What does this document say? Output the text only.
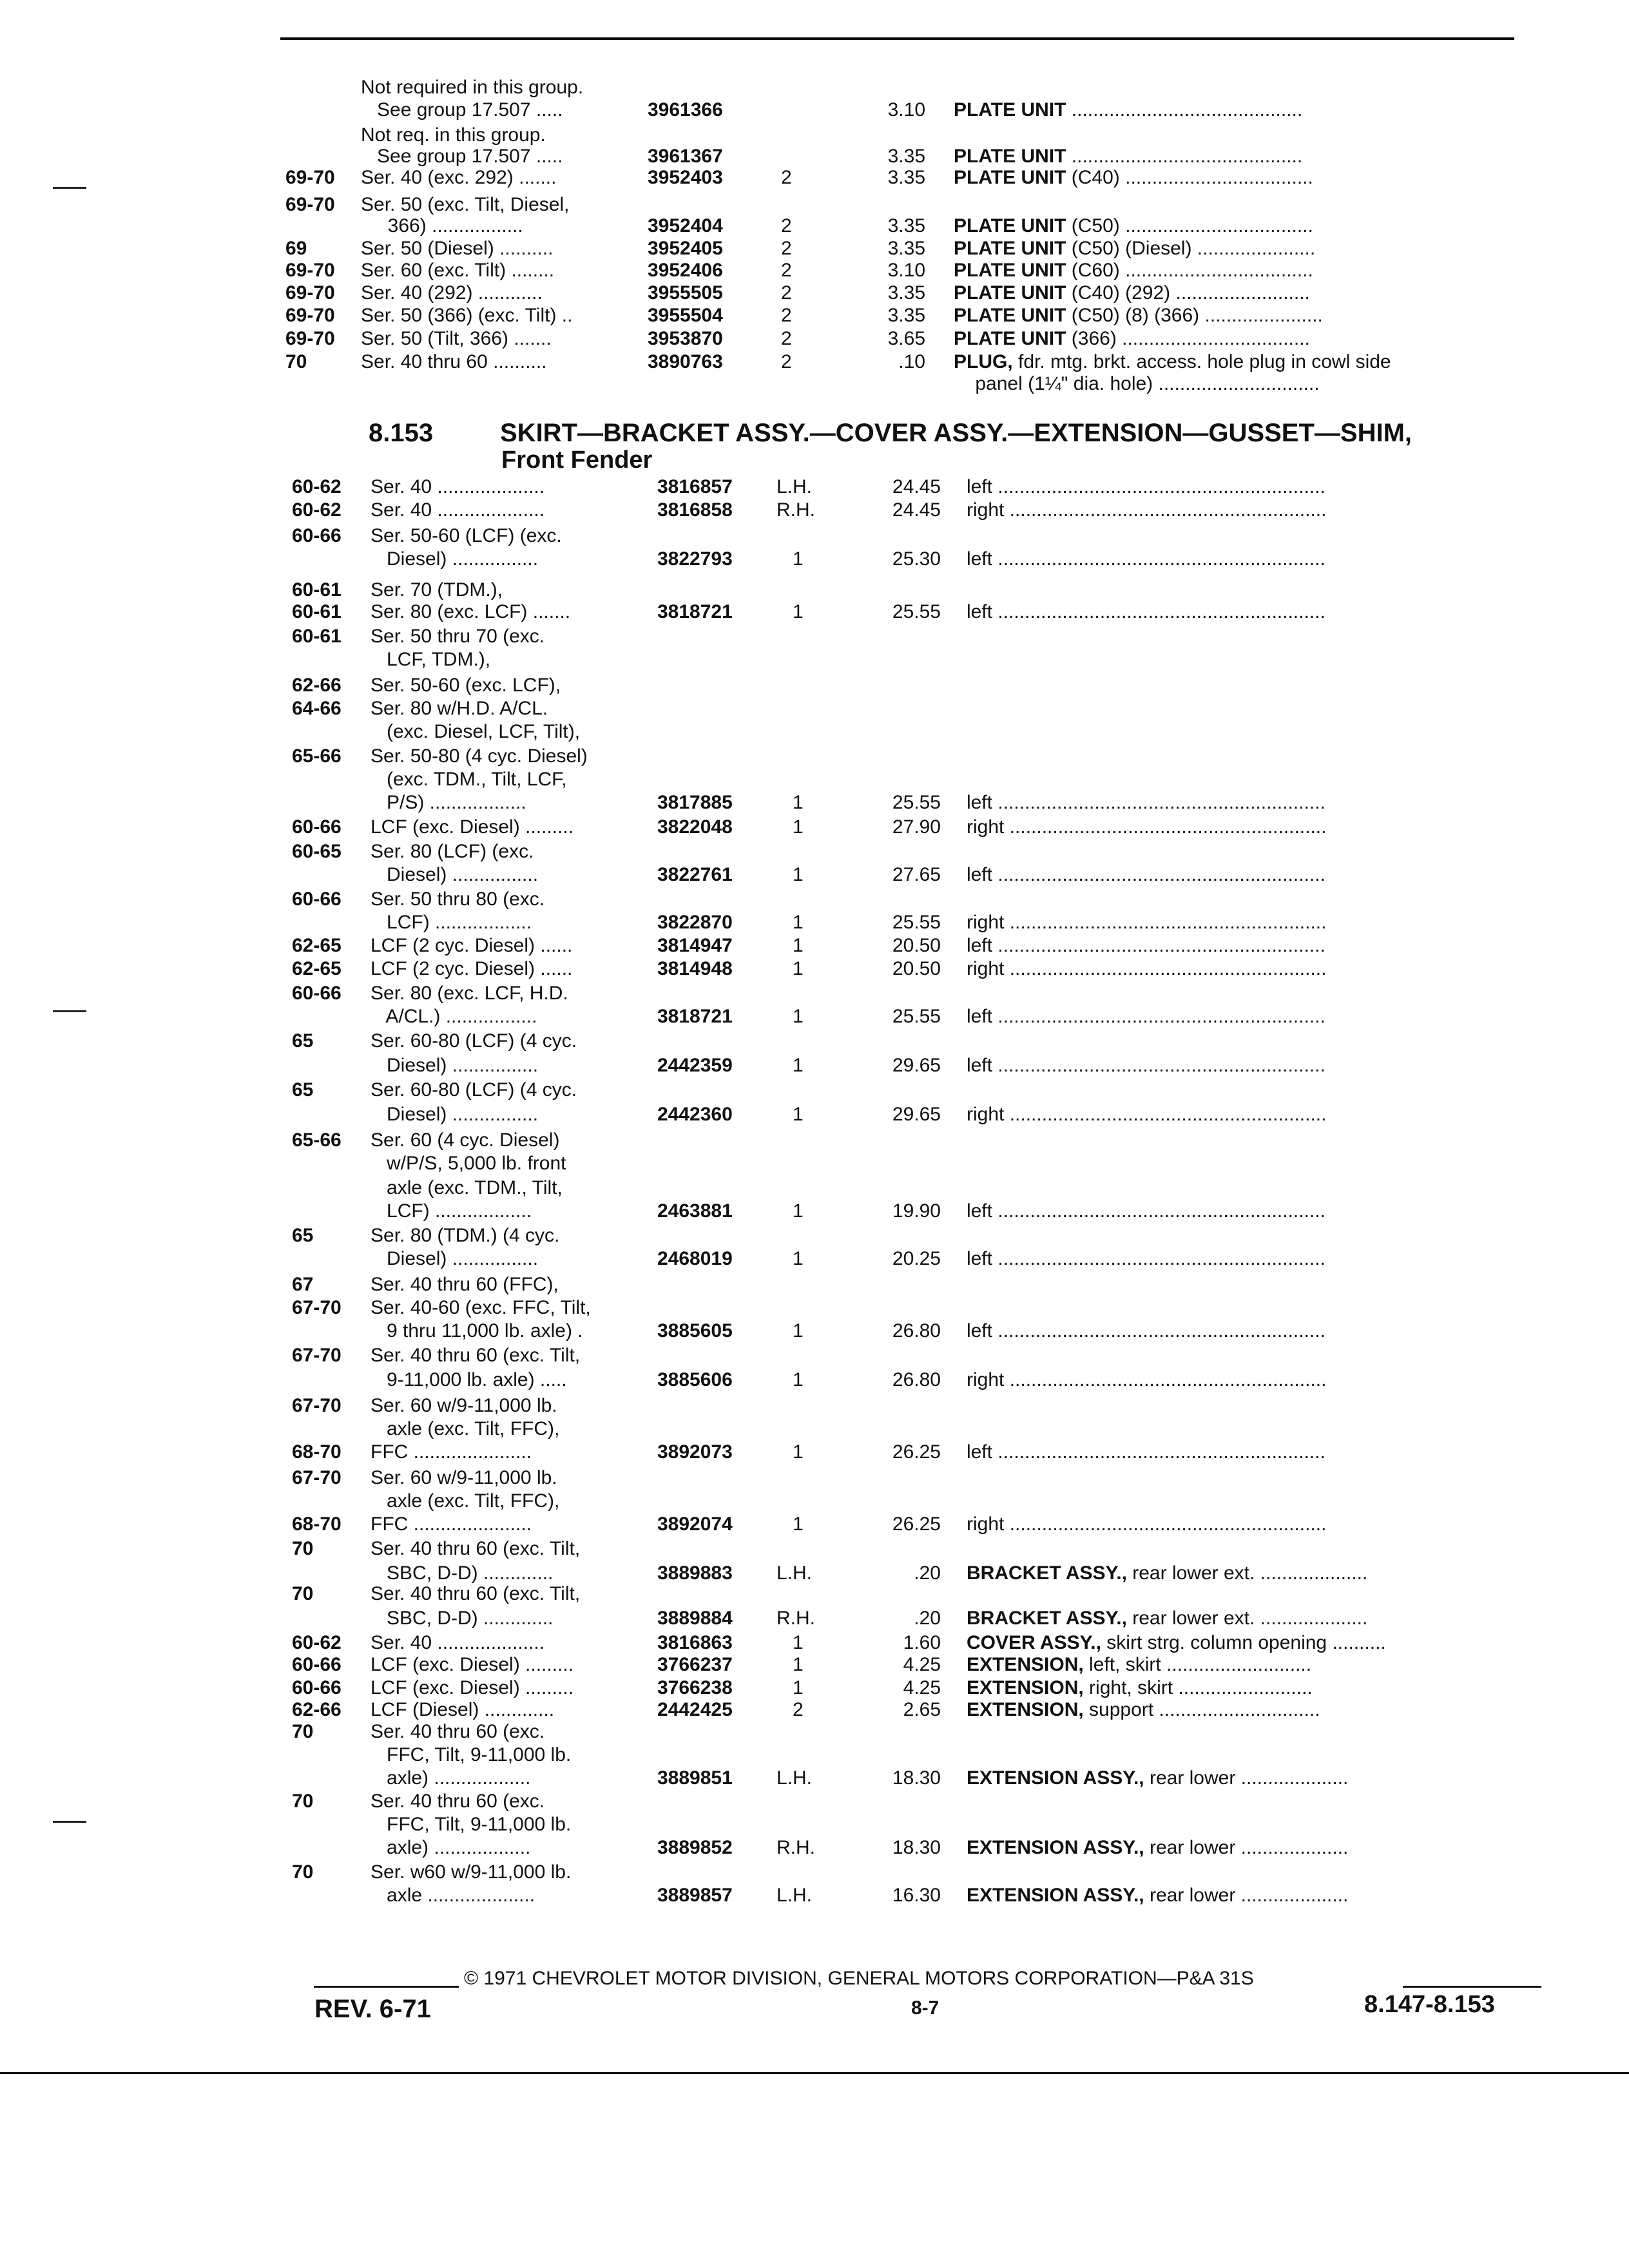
Not required in this group.
See group 17.507 .....	3961366	3.10 PLATE UNIT ...........................................
Not req. in this group.
See group 17.507 .....	3961367	3.35 PLATE UNIT ...........................................
69-70 Ser. 40 (exc. 292) .......	3952403	2	3.35 PLATE UNIT (C40) ...................................
69-70 Ser. 50 (exc. Tilt, Diesel,
366) .................	3952404	2	3.35 PLATE UNIT (C50) ...................................
69	Ser. 50 (Diesel) ..........	3952405	2	3.35 PLATE UNIT (C50) (Diesel) ......................
69-70 Ser. 60 (exc. Tilt) ........	3952406	2	3.10 PLATE UNIT (C60) ...................................
69-70 Ser. 40 (292) ............	3955505	2	3.35 PLATE UNIT (C40) (292) .........................
69-70 Ser. 50 (366) (exc. Tilt) ..	3955504	2	3.35 PLATE UNIT (C50) (8) (366) ......................
69-70 Ser. 50 (Tilt, 366) .......	3953870	2	3.65 PLATE UNIT (366) ...................................
70	Ser. 40 thru 60 ..........	3890763	2	.10 PLUG, fdr. mtg. brkt. access. hole plug in cowl side
panel (1¼" dia. hole) ..............................
8.153	SKIRT—BRACKET ASSY.—COVER ASSY.—EXTENSION—GUSSET—SHIM,
Front Fender
60-62 Ser. 40 ....................	3816857 L.H.	24.45 left .............................................................
60-62 Ser. 40 ....................	3816858 R.H.	24.45 right ...........................................................
60-66 Ser. 50-60 (LCF) (exc.
Diesel) ................	3822793	1	25.30 left .............................................................
60-61 Ser. 70 (TDM.),
60-61 Ser. 80 (exc. LCF) .......	3818721	1	25.55 left .............................................................
60-61 Ser. 50 thru 70 (exc.
LCF, TDM.),
62-66 Ser. 50-60 (exc. LCF),
64-66 Ser. 80 w/H.D. A/CL.
(exc. Diesel, LCF, Tilt),
65-66 Ser. 50-80 (4 cyc. Diesel)
(exc. TDM., Tilt, LCF,
P/S) ..................	3817885	1	25.55 left .............................................................
60-66 LCF (exc. Diesel) .........	3822048	1	27.90 right ...........................................................
60-65 Ser. 80 (LCF) (exc.
Diesel) ................	3822761	1	27.65 left .............................................................
60-66 Ser. 50 thru 80 (exc.
LCF) ..................	3822870	1	25.55 right ...........................................................
62-65 LCF (2 cyc. Diesel) ......	3814947	1	20.50 left .............................................................
62-65 LCF (2 cyc. Diesel) ......	3814948	1	20.50 right ...........................................................
60-66 Ser. 80 (exc. LCF, H.D.
A/CL.) .................	3818721	1	25.55 left .............................................................
65	Ser. 60-80 (LCF) (4 cyc.
Diesel) ................	2442359	1	29.65 left .............................................................
65	Ser. 60-80 (LCF) (4 cyc.
Diesel) ................	2442360	1	29.65 right ...........................................................
65-66 Ser. 60 (4 cyc. Diesel)
w/P/S, 5,000 lb. front
axle (exc. TDM., Tilt,
LCF) ..................	2463881	1	19.90 left .............................................................
65	Ser. 80 (TDM.) (4 cyc.
Diesel) ................	2468019	1	20.25 left .............................................................
67	Ser. 40 thru 60 (FFC),
67-70 Ser. 40-60 (exc. FFC, Tilt,
9 thru 11,000 lb. axle) .	3885605	1	26.80 left .............................................................
67-70 Ser. 40 thru 60 (exc. Tilt,
9-11,000 lb. axle) .....	3885606	1	26.80 right ...........................................................
67-70 Ser. 60 w/9-11,000 lb.
axle (exc. Tilt, FFC),
68-70 FFC ......................	3892073	1	26.25 left .............................................................
67-70 Ser. 60 w/9-11,000 lb.
axle (exc. Tilt, FFC),
68-70 FFC ......................	3892074	1	26.25 right ...........................................................
70	Ser. 40 thru 60 (exc. Tilt,
SBC, D-D) .............	3889883 L.H.	.20 BRACKET ASSY., rear lower ext. ....................
70	Ser. 40 thru 60 (exc. Tilt,
SBC, D-D) .............	3889884 R.H.	.20 BRACKET ASSY., rear lower ext. ....................
60-62 Ser. 40 ....................	3816863	1	1.60 COVER ASSY., skirt strg. column opening ..........
60-66 LCF (exc. Diesel) .........	3766237	1	4.25 EXTENSION, left, skirt ...........................
60-66 LCF (exc. Diesel) .........	3766238	1	4.25 EXTENSION, right, skirt .........................
62-66 LCF (Diesel) .............	2442425	2	2.65 EXTENSION, support ..............................
70	Ser. 40 thru 60 (exc.
FFC, Tilt, 9-11,000 lb.
axle) ..................	3889851 L.H.	18.30 EXTENSION ASSY., rear lower ....................
70	Ser. 40 thru 60 (exc.
FFC, Tilt, 9-11,000 lb.
axle) ..................	3889852 R.H.	18.30 EXTENSION ASSY., rear lower ....................
70	Ser. w60 w/9-11,000 lb.
axle ....................	3889857 L.H.	16.30 EXTENSION ASSY., rear lower ....................
© 1971 CHEVROLET MOTOR DIVISION, GENERAL MOTORS CORPORATION—P&A 31S
REV. 6-71	8-7	8.147-8.153
